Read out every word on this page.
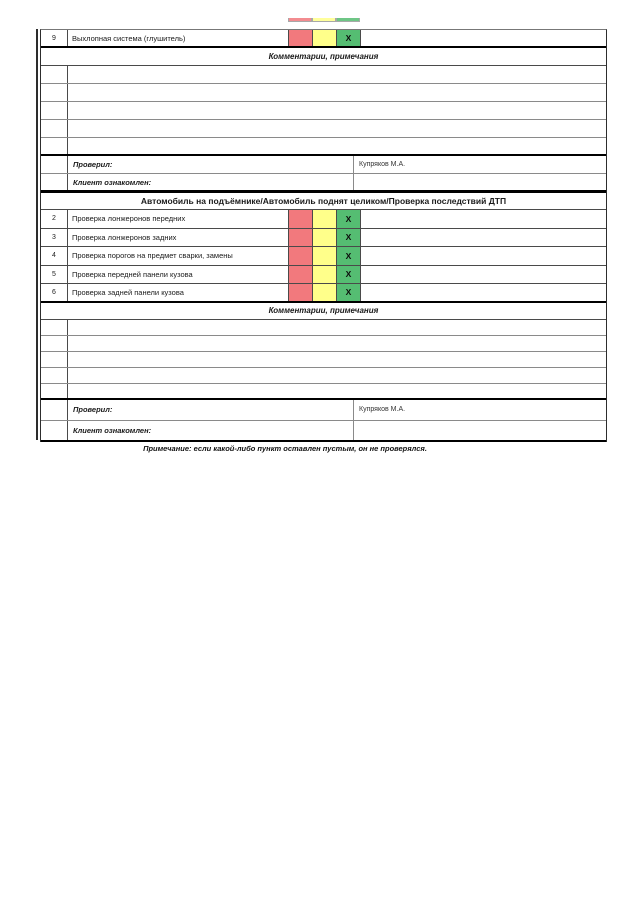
9	Выхлопная система (глушитель)	X
Комментарии, примечания
Проверил:	Купряков М.А.
Клиент ознакомлен:
Автомобиль на подъёмнике/Автомобиль поднят целиком/Проверка последствий ДТП
2	Проверка лонжеронов передних	X
3	Проверка лонжеронов задних	X
4	Проверка порогов на предмет сварки, замены	X
5	Проверка передней панели кузова	X
6	Проверка задней панели кузова	X
Комментарии, примечания
Проверил:	Купряков М.А.
Клиент ознакомлен:
Примечание: если какой-либо пункт оставлен пустым, он не проверялся.
